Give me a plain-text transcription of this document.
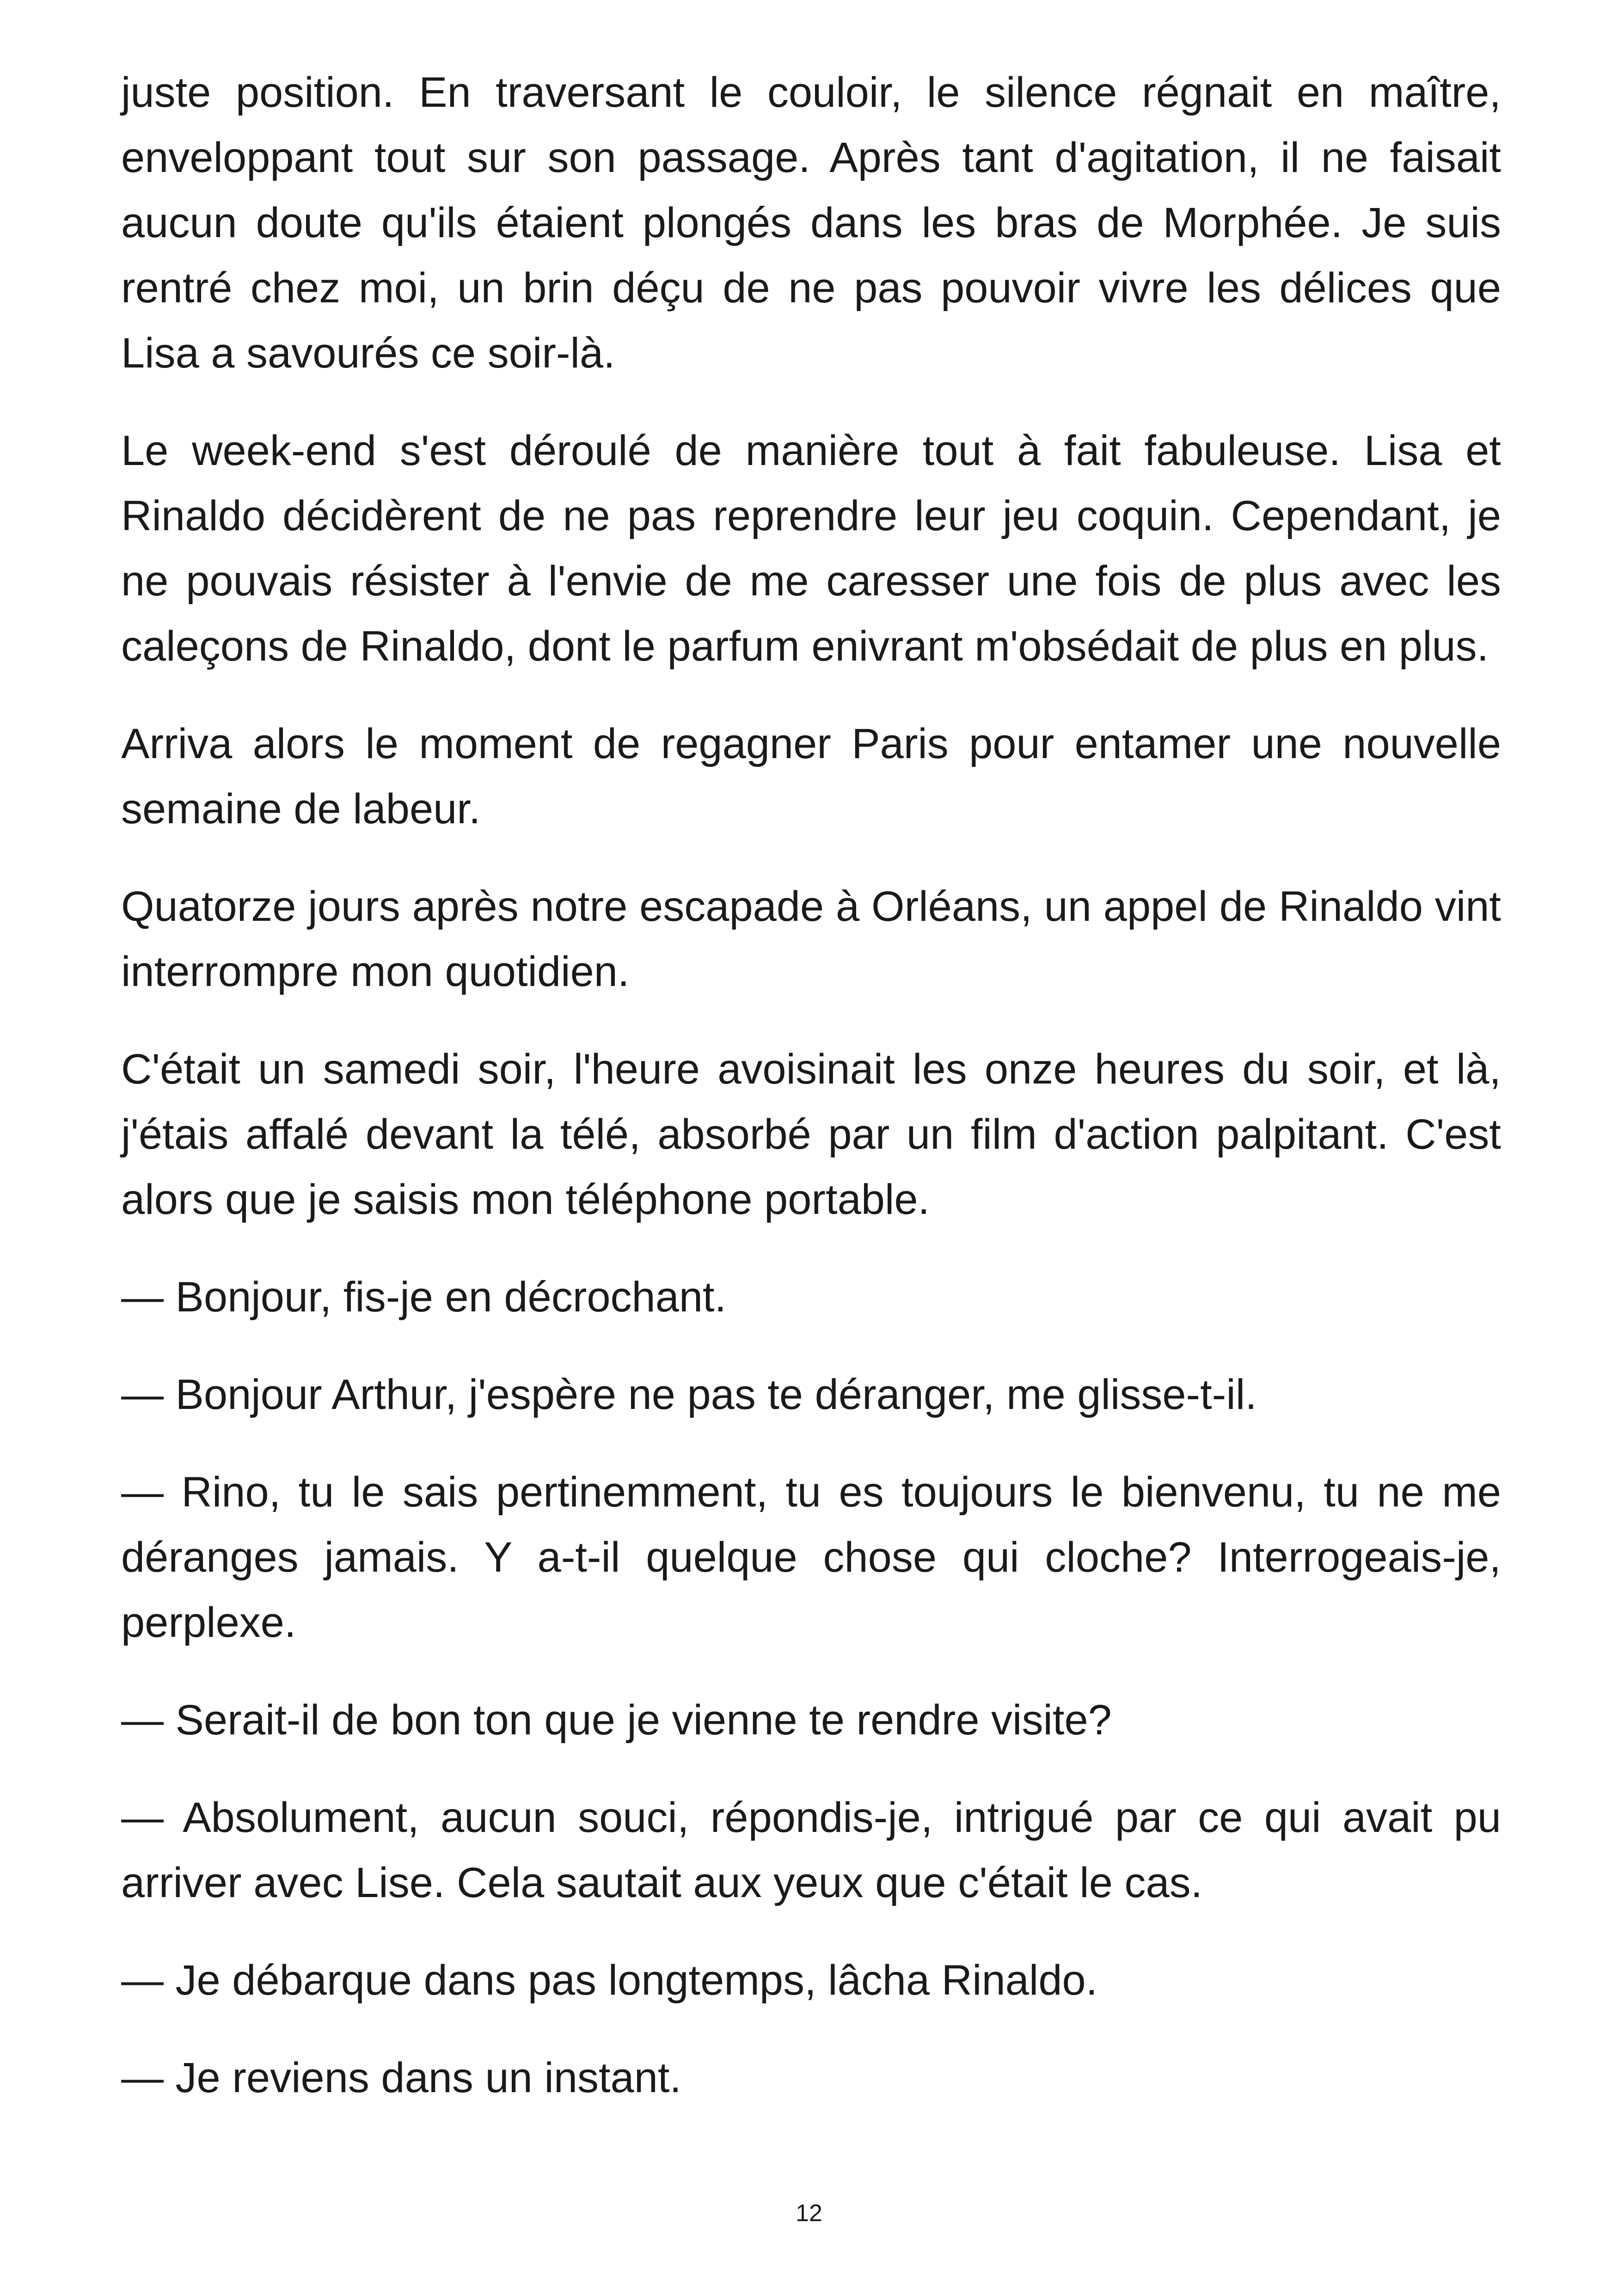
juste position. En traversant le couloir, le silence régnait en maître, enveloppant tout sur son passage. Après tant d'agitation, il ne faisait aucun doute qu'ils étaient plongés dans les bras de Morphée. Je suis rentré chez moi, un brin déçu de ne pas pouvoir vivre les délices que Lisa a savourés ce soir-là.

Le week-end s'est déroulé de manière tout à fait fabuleuse. Lisa et Rinaldo décidèrent de ne pas reprendre leur jeu coquin. Cependant, je ne pouvais résister à l'envie de me caresser une fois de plus avec les caleçons de Rinaldo, dont le parfum enivrant m'obsédait de plus en plus.

Arriva alors le moment de regagner Paris pour entamer une nouvelle semaine de labeur.

Quatorze jours après notre escapade à Orléans, un appel de Rinaldo vint interrompre mon quotidien.

C'était un samedi soir, l'heure avoisinait les onze heures du soir, et là, j'étais affalé devant la télé, absorbé par un film d'action palpitant. C'est alors que je saisis mon téléphone portable.

— Bonjour, fis-je en décrochant.

— Bonjour Arthur, j'espère ne pas te déranger, me glisse-t-il.

— Rino, tu le sais pertinemment, tu es toujours le bienvenu, tu ne me déranges jamais. Y a-t-il quelque chose qui cloche? Interrogeais-je, perplexe.

— Serait-il de bon ton que je vienne te rendre visite?

— Absolument, aucun souci, répondis-je, intrigué par ce qui avait pu arriver avec Lise. Cela sautait aux yeux que c'était le cas.

— Je débarque dans pas longtemps, lâcha Rinaldo.

— Je reviens dans un instant.

12
